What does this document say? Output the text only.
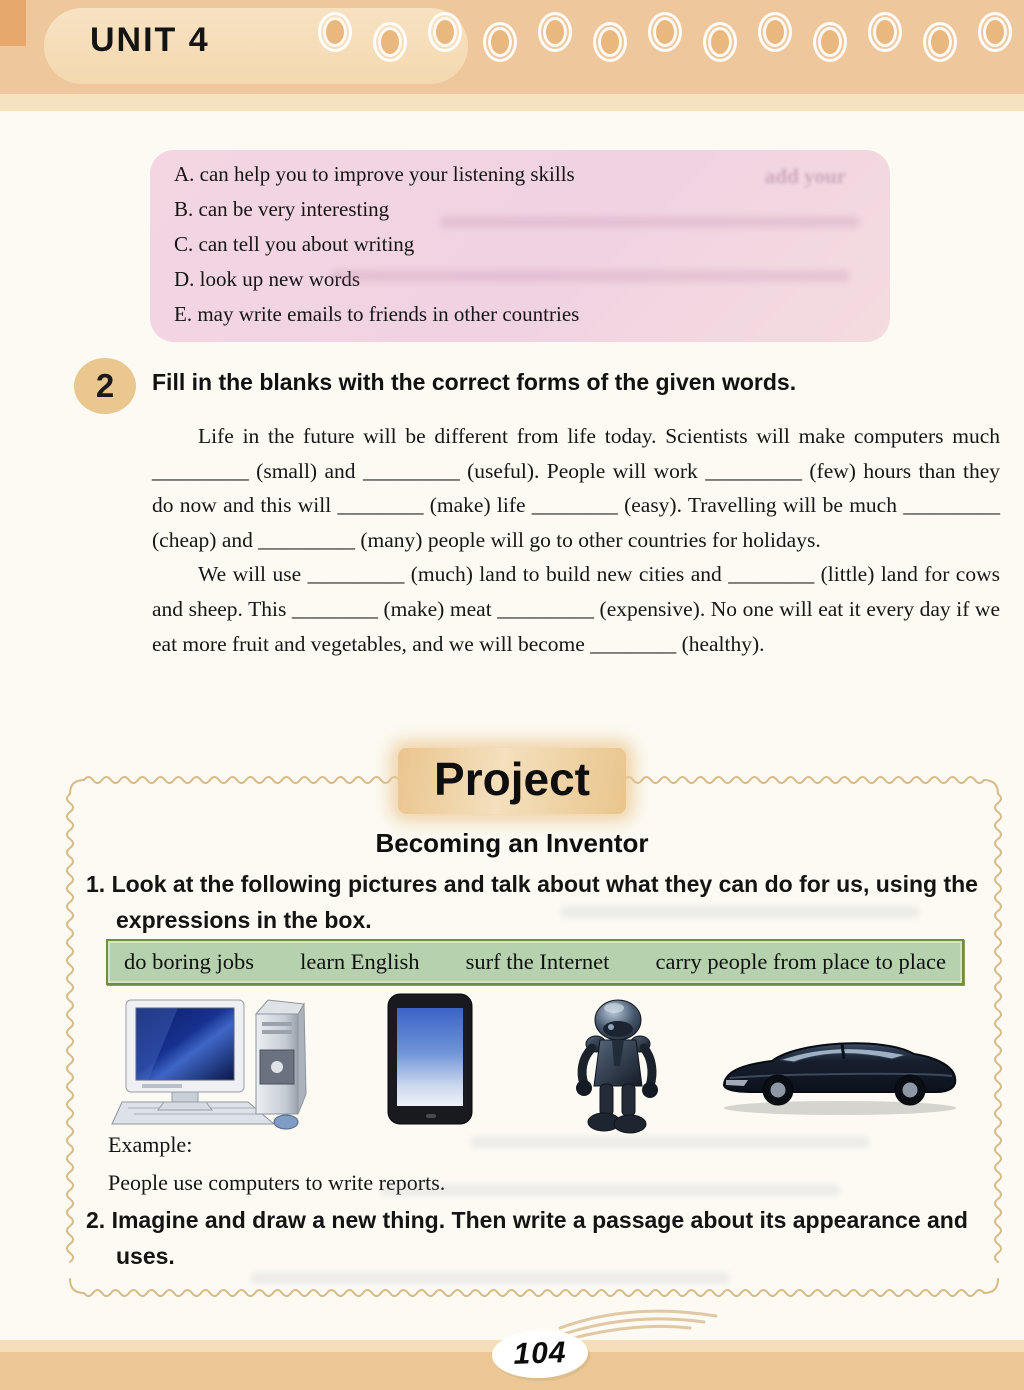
UNIT 4
A. can help you to improve your listening skills
B. can be very interesting
C. can tell you about writing
D. look up new words
E. may write emails to friends in other countries
add your
2	Fill in the blanks with the correct forms of the given words.

Life in the future will be different from life today. Scientists will make computers much _________ (small) and _________ (useful). People will work _________ (few) hours than they do now and this will ________ (make) life ________ (easy). Travelling will be much _________ (cheap) and _________ (many) people will go to other countries for holidays.

We will use _________ (much) land to build new cities and ________ (little) land for cows and sheep. This ________ (make) meat _________ (expensive). No one will eat it every day if we eat more fruit and vegetables, and we will become ________ (healthy).

Project
Becoming an Inventor
1. Look at the following pictures and talk about what they can do for us, using the expressions in the box.
do boring jobs learn English surf the Internet carry people from place to place
Example:
People use computers to write reports.
2. Imagine and draw a new thing. Then write a passage about its appearance and uses.
104
